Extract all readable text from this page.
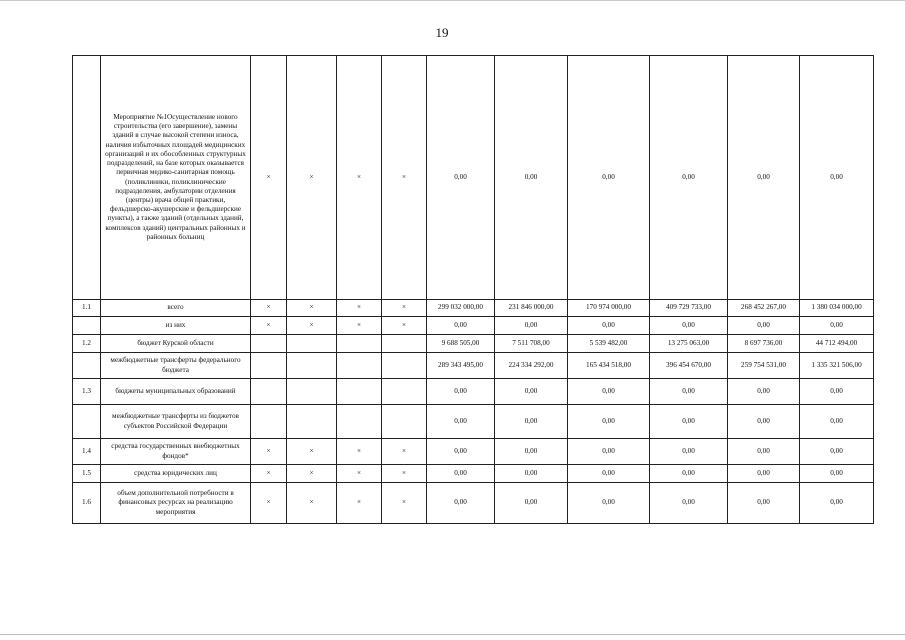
19
	Мероприятие №1Осуществление нового строительства (его завершение), замены зданий в случае высокой степени износа, наличия избыточных площадей медицинских организаций и их обособленных структурных подразделений, на базе которых оказывается первичная медико-санитарная помощь (поликлиники, поликлинические подразделения, амбулатории отделения (центры) врача общей практики, фельдшерско-акушерские и фельдшерские пункты), а также зданий (отдельных зданий, комплексов зданий) центральных районных и районных больниц	×	×	×	×	0,00	0,00	0,00	0,00	0,00	0,00
1.1	всего	×	×	×	×	299 032 000,00	231 846 000,00	170 974 000,00	409 729 733,00	268 452 267,00	1 380 034 000,00
	из них	×	×	×	×	0,00	0,00	0,00	0,00	0,00	0,00
1.2	бюджет Курской области					9 688 505,00	7 511 708,00	5 539 482,00	13 275 063,00	8 697 736,00	44 712 494,00
	межбюджетные трансферты федерального бюджета					289 343 495,00	224 334 292,00	165 434 518,00	396 454 670,00	259 754 531,00	1 335 321 506,00
1.3	бюджеты муниципальных образований					0,00	0,00	0,00	0,00	0,00	0,00
	межбюджетные трансферты из бюджетов субъектов Российской Федерации					0,00	0,00	0,00	0,00	0,00	0,00
1.4	средства государственных внебюджетных фондов*	×	×	×	×	0,00	0,00	0,00	0,00	0,00	0,00
1.5	средства юридических лиц	×	×	×	×	0,00	0,00	0,00	0,00	0,00	0,00
1.6	объем дополнительной потребности в финансовых ресурсах на реализацию мероприятия	×	×	×	×	0,00	0,00	0,00	0,00	0,00	0,00
